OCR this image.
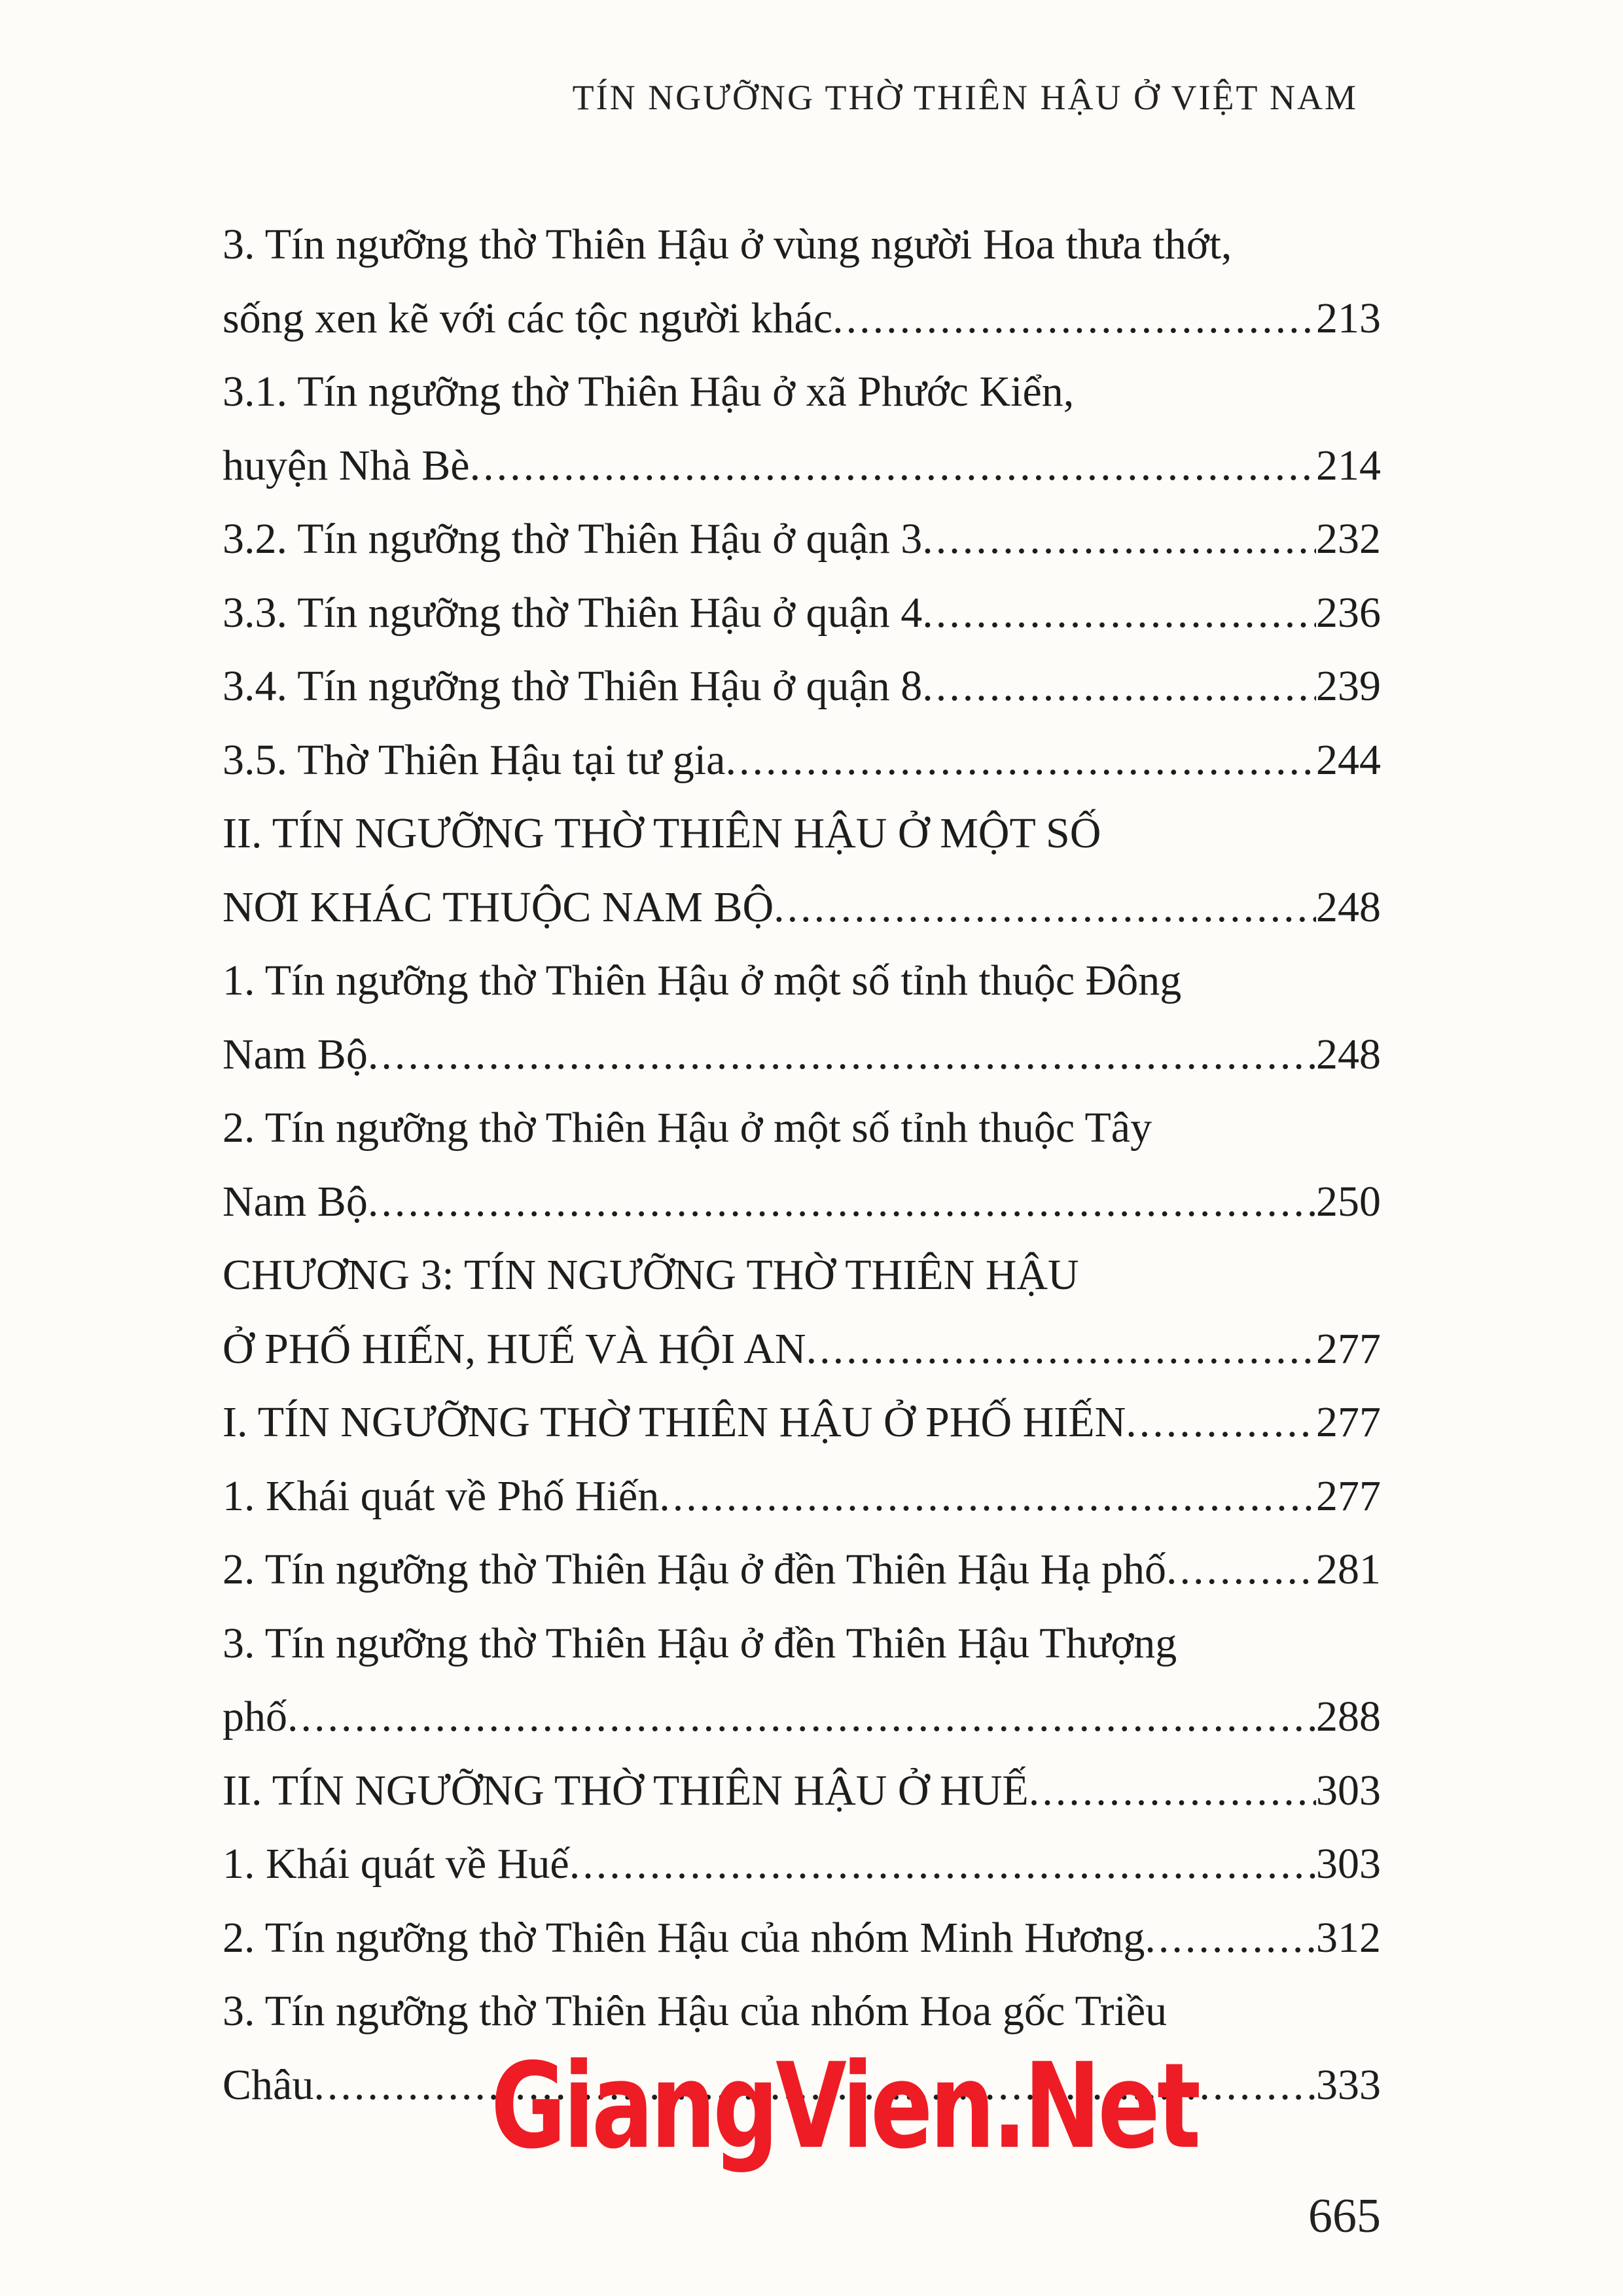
TÍN NGƯỠNG THỜ THIÊN HẬU Ở VIỆT NAM
3. Tín ngưỡng thờ Thiên Hậu ở vùng người Hoa thưa thớt,
sống xen kẽ với các tộc người khác .....	213
3.1. Tín ngưỡng thờ Thiên Hậu ở xã Phước Kiển,
huyện Nhà Bè .....	214
3.2. Tín ngưỡng thờ Thiên Hậu ở quận 3 .....	232
3.3. Tín ngưỡng thờ Thiên Hậu ở quận 4 .....	236
3.4. Tín ngưỡng thờ Thiên Hậu ở quận 8 .....	239
3.5. Thờ Thiên Hậu tại tư gia .....	244
II. TÍN NGƯỠNG THỜ THIÊN HẬU Ở MỘT SỐ
NƠI KHÁC THUỘC NAM BỘ .....	248
1. Tín ngưỡng thờ Thiên Hậu ở một số tỉnh thuộc Đông
Nam Bộ .....	248
2. Tín ngưỡng thờ Thiên Hậu ở một số tỉnh thuộc Tây
Nam Bộ .....	250
CHƯƠNG 3: TÍN NGƯỠNG THỜ THIÊN HẬU
Ở PHỐ HIẾN, HUẾ VÀ HỘI AN .....	277
I. TÍN NGƯỠNG THỜ THIÊN HẬU Ở PHỐ HIẾN .....	277
1. Khái quát về Phố Hiến .....	277
2. Tín ngưỡng thờ Thiên Hậu ở đền Thiên Hậu Hạ phố .....	281
3. Tín ngưỡng thờ Thiên Hậu ở đền Thiên Hậu Thượng
phố .....	288
II. TÍN NGƯỠNG THỜ THIÊN HẬU Ở HUẾ .....	303
1. Khái quát về Huế .....	303
2. Tín ngưỡng thờ Thiên Hậu của nhóm Minh Hương .....	312
3. Tín ngưỡng thờ Thiên Hậu của nhóm Hoa gốc Triều
Châu .....	333
GiangVien.Net
665
